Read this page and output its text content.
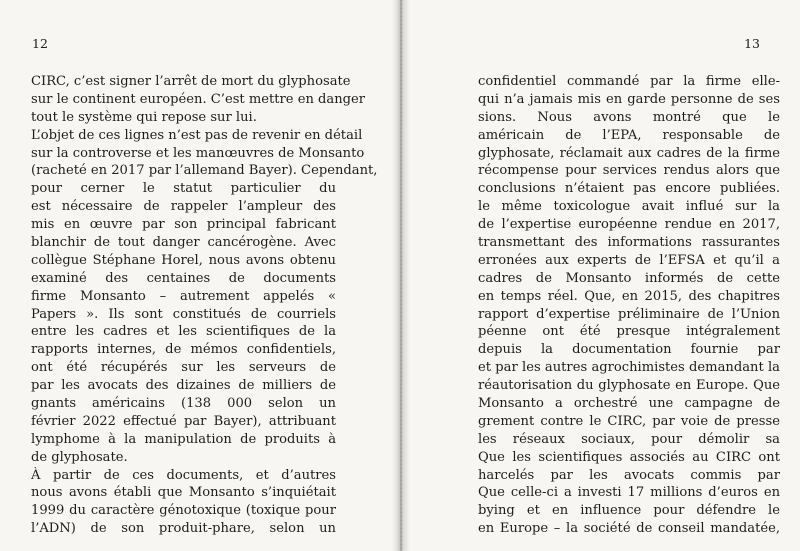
12
CIRC, c’est signer l’arrêt de mort du glyphosate
sur le continent européen. C’est mettre en danger
tout le système qui repose sur lui.
L’objet de ces lignes n’est pas de revenir en détail
sur la controverse et les manœuvres de Monsanto
(racheté en 2017 par l’allemand Bayer). Cependant,
pour cerner le statut particulier du
est nécessaire de rappeler l’ampleur des
mis en œuvre par son principal fabricant
blanchir de tout danger cancérogène. Avec
collègue Stéphane Horel, nous avons obtenu
examiné des centaines de documents
firme Monsanto – autrement appelés «
Papers ». Ils sont constitués de courriels
entre les cadres et les scientifiques de la
rapports internes, de mémos confidentiels,
ont été récupérés sur les serveurs de
par les avocats des dizaines de milliers de
gnants américains (138 000 selon un
février 2022 effectué par Bayer), attribuant
lymphome à la manipulation de produits à
de glyphosate.
À partir de ces documents, et d’autres
nous avons établi que Monsanto s’inquiétait
1999 du caractère génotoxique (toxique pour
l’ADN) de son produit-phare, selon un
13
confidentiel commandé par la firme elle-
qui n’a jamais mis en garde personne de ses
sions. Nous avons montré que le
américain de l’EPA, responsable de
glyphosate, réclamait aux cadres de la firme
récompense pour services rendus alors que
conclusions n’étaient pas encore publiées.
le même toxicologue avait influé sur la
de l’expertise européenne rendue en 2017,
transmettant des informations rassurantes
erronées aux experts de l’EFSA et qu’il a
cadres de Monsanto informés de cette
en temps réel. Que, en 2015, des chapitres
rapport d’expertise préliminaire de l’Union
péenne ont été presque intégralement
depuis la documentation fournie par
et par les autres agrochimistes demandant la
réautorisation du glyphosate en Europe. Que
Monsanto a orchestré une campagne de
grement contre le CIRC, par voie de presse
les réseaux sociaux, pour démolir sa
Que les scientifiques associés au CIRC ont
harcelés par les avocats commis par
Que celle-ci a investi 17 millions d’euros en
bying et en influence pour défendre le
en Europe – la société de conseil mandatée,
